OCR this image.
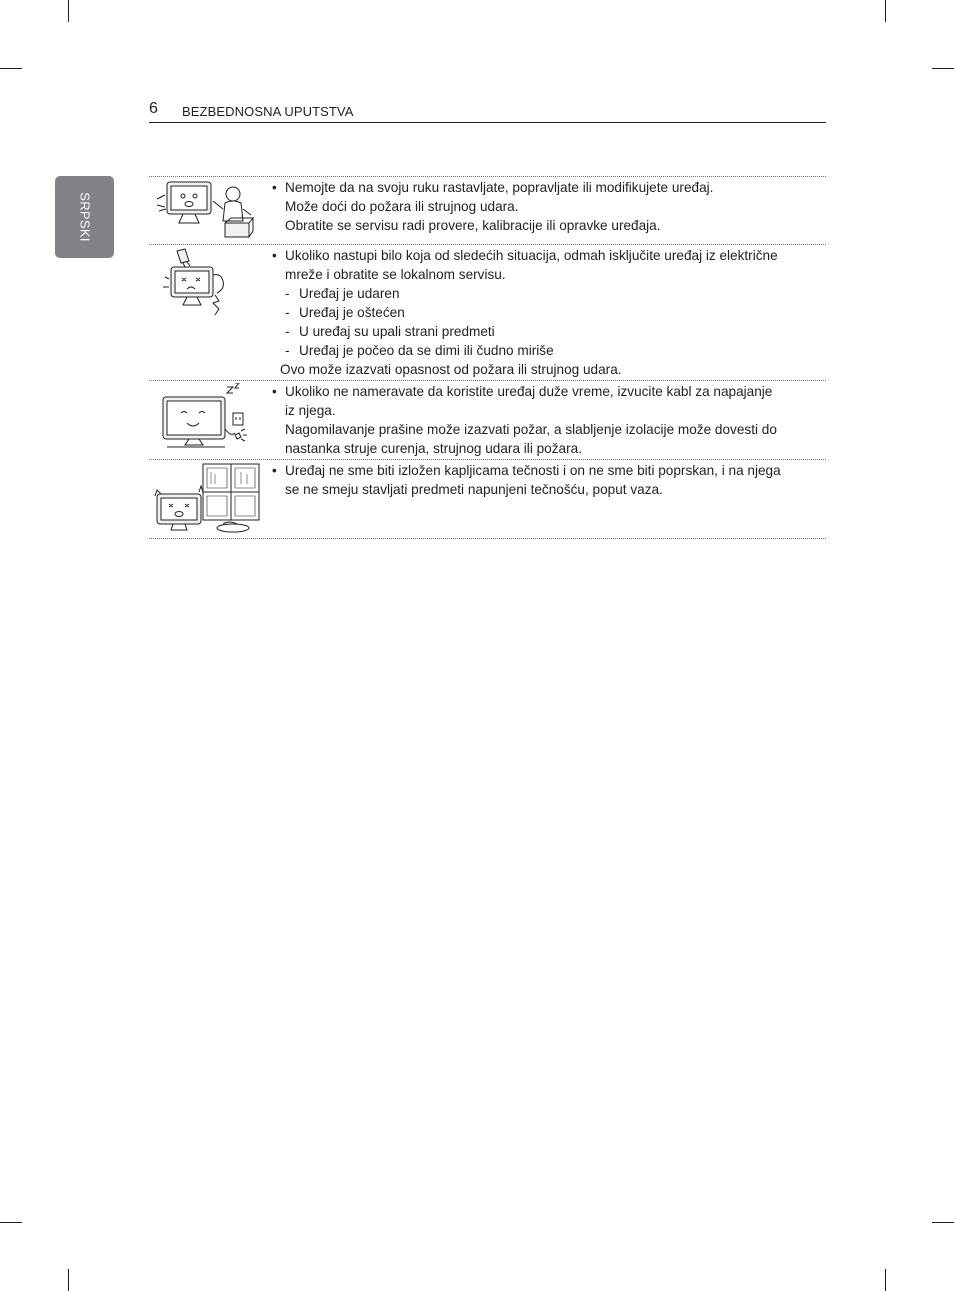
6 BEZBEDNOSNA UPUTSTVA
SRPSKI
• Nemojte da na svoju ruku rastavljate, popravljate ili modifikujete uređaj.
Može doći do požara ili strujnog udara.
Obratite se servisu radi provere, kalibracije ili opravke uređaja.
• Ukoliko nastupi bilo koja od sledećih situacija, odmah isključite uređaj iz električne
mreže i obratite se lokalnom servisu.
- Uređaj je udaren
- Uređaj je oštećen
- U uređaj su upali strani predmeti
- Uređaj je počeo da se dimi ili čudno miriše
Ovo može izazvati opasnost od požara ili strujnog udara.
• Ukoliko ne nameravate da koristite uređaj duže vreme, izvucite kabl za napajanje
iz njega.
Nagomilavanje prašine može izazvati požar, a slabljenje izolacije može dovesti do
nastanka struje curenja, strujnog udara ili požara.
• Uređaj ne sme biti izložen kapljicama tečnosti i on ne sme biti poprskan, i na njega
se ne smeju stavljati predmeti napunjeni tečnošću, poput vaza.
